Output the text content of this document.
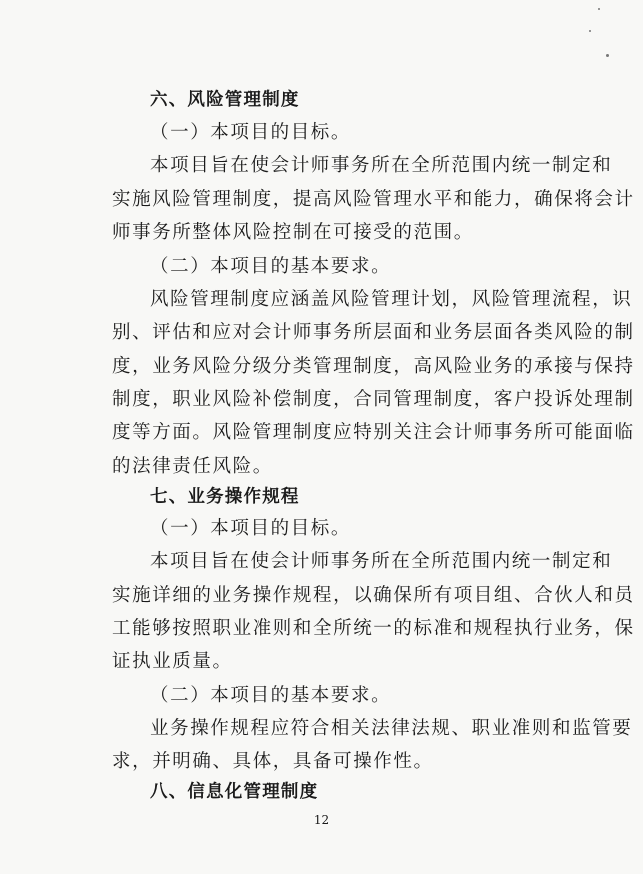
六、风险管理制度
（一）本项目的目标。
本项目旨在使会计师事务所在全所范围内统一制定和
实施风险管理制度，提高风险管理水平和能力，确保将会计
师事务所整体风险控制在可接受的范围。
（二）本项目的基本要求。
风险管理制度应涵盖风险管理计划，风险管理流程，识
别、评估和应对会计师事务所层面和业务层面各类风险的制
度，业务风险分级分类管理制度，高风险业务的承接与保持
制度，职业风险补偿制度，合同管理制度，客户投诉处理制
度等方面。风险管理制度应特别关注会计师事务所可能面临
的法律责任风险。
七、业务操作规程
（一）本项目的目标。
本项目旨在使会计师事务所在全所范围内统一制定和
实施详细的业务操作规程，以确保所有项目组、合伙人和员
工能够按照职业准则和全所统一的标准和规程执行业务，保
证执业质量。
（二）本项目的基本要求。
业务操作规程应符合相关法律法规、职业准则和监管要
求，并明确、具体，具备可操作性。
八、信息化管理制度
12
